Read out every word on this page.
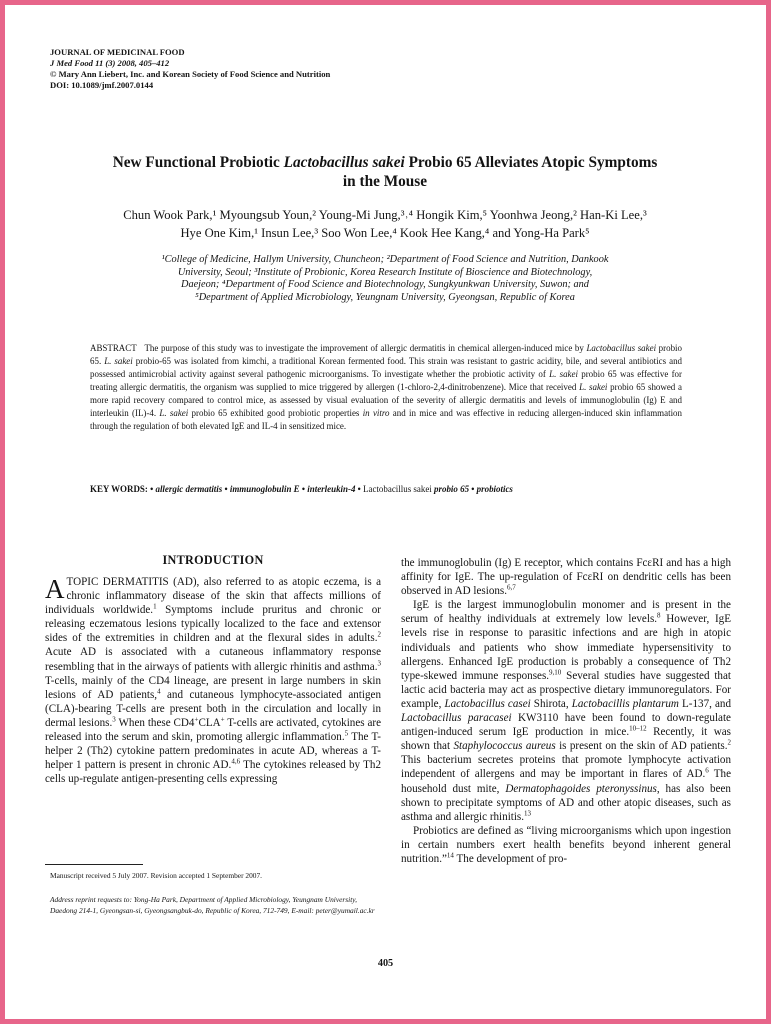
JOURNAL OF MEDICINAL FOOD
J Med Food 11 (3) 2008, 405–412
© Mary Ann Liebert, Inc. and Korean Society of Food Science and Nutrition
DOI: 10.1089/jmf.2007.0144
New Functional Probiotic Lactobacillus sakei Probio 65 Alleviates Atopic Symptoms
in the Mouse
Chun Wook Park,¹ Myoungsub Youn,² Young-Mi Jung,³˒⁴ Hongik Kim,⁵ Yoonhwa Jeong,² Han-Ki Lee,³
Hye One Kim,¹ Insun Lee,³ Soo Won Lee,⁴ Kook Hee Kang,⁴ and Yong-Ha Park⁵
¹College of Medicine, Hallym University, Chuncheon; ²Department of Food Science and Nutrition, Dankook
University, Seoul; ³Institute of Probionic, Korea Research Institute of Bioscience and Biotechnology,
Daejeon; ⁴Department of Food Science and Biotechnology, Sungkyunkwan University, Suwon; and
⁵Department of Applied Microbiology, Yeungnam University, Gyeongsan, Republic of Korea
ABSTRACT The purpose of this study was to investigate the improvement of allergic dermatitis in chemical allergen-induced mice by Lactobacillus sakei probio 65. L. sakei probio-65 was isolated from kimchi, a traditional Korean fermented food. This strain was resistant to gastric acidity, bile, and several antibiotics and possessed antimicrobial activity against several pathogenic microorganisms. To investigate whether the probiotic activity of L. sakei probio 65 was effective for treating allergic dermatitis, the organism was supplied to mice triggered by allergen (1-chloro-2,4-dinitrobenzene). Mice that received L. sakei probio 65 showed a more rapid recovery compared to control mice, as assessed by visual evaluation of the severity of allergic dermatitis and levels of immunoglobulin (Ig) E and interleukin (IL)-4. L. sakei probio 65 exhibited good probiotic properties in vitro and in mice and was effective in reducing allergen-induced skin inflammation through the regulation of both elevated IgE and IL-4 in sensitized mice.
KEY WORDS: • allergic dermatitis • immunoglobulin E • interleukin-4 • Lactobacillus sakei probio 65 • probiotics
INTRODUCTION

ATOPIC DERMATITIS (AD), also referred to as atopic eczema, is a chronic inflammatory disease of the skin that affects millions of individuals worldwide.$^1$ Symptoms include pruritus and chronic or releasing eczematous lesions typically localized to the face and extensor sides of the extremities in children and at the flexural sides in adults.$^2$ Acute AD is associated with a cutaneous inflammatory response resembling that in the airways of patients with allergic rhinitis and asthma.$^3$ T-cells, mainly of the CD4 lineage, are present in large numbers in skin lesions of AD patients,$^4$ and cutaneous lymphocyte-associated antigen (CLA)-bearing T-cells are present both in the circulation and locally in dermal lesions.$^3$ When these CD4+CLA+ T-cells are activated, cytokines are released into the serum and skin, promoting allergic inflammation.$^5$ The T-helper 2 (Th2) cytokine pattern predominates in acute AD, whereas a T-helper 1 pattern is present in chronic AD.$^{4,6}$ The cytokines released by Th2 cells up-regulate antigen-presenting cells expressing

the immunoglobulin (Ig) E receptor, which contains FcεRI and has a high affinity for IgE. The up-regulation of FcεRI on dendritic cells has been observed in AD lesions.$^{6,7}$

IgE is the largest immunoglobulin monomer and is present in the serum of healthy individuals at extremely low levels.$^8$ However, IgE levels rise in response to parasitic infections and are high in atopic individuals and patients who show immediate hypersensitivity to allergens. Enhanced IgE production is probably a consequence of Th2 type-skewed immune responses.$^{9,10}$ Several studies have suggested that lactic acid bacteria may act as prospective dietary immunoregulators. For example, Lactobacillus casei Shirota, Lactobacillis plantarum L-137, and Lactobacillus paracasei KW3110 have been found to down-regulate antigen-induced serum IgE production in mice.$^{10-12}$ Recently, it was shown that Staphylococcus aureus is present on the skin of AD patients.$^2$ This bacterium secretes proteins that promote lymphocyte activation independent of allergens and may be important in flares of AD.$^6$ The household dust mite, Dermatophagoides pteronyssinus, has also been shown to precipitate symptoms of AD and other atopic diseases, such as asthma and allergic rhinitis.$^{13}$

Probiotics are defined as “living microorganisms which upon ingestion in certain numbers exert health benefits beyond inherent general nutrition.”$^{14}$ The development of pro-

Manuscript received 5 July 2007. Revision accepted 1 September 2007.
Address reprint requests to: Yong-Ha Park, Department of Applied Microbiology, Yeungnam University, Daedong 214-1, Gyeongsan-si, Gyeongsangbuk-do, Republic of Korea, 712-749, E-mail: peter@yumail.ac.kr
405
